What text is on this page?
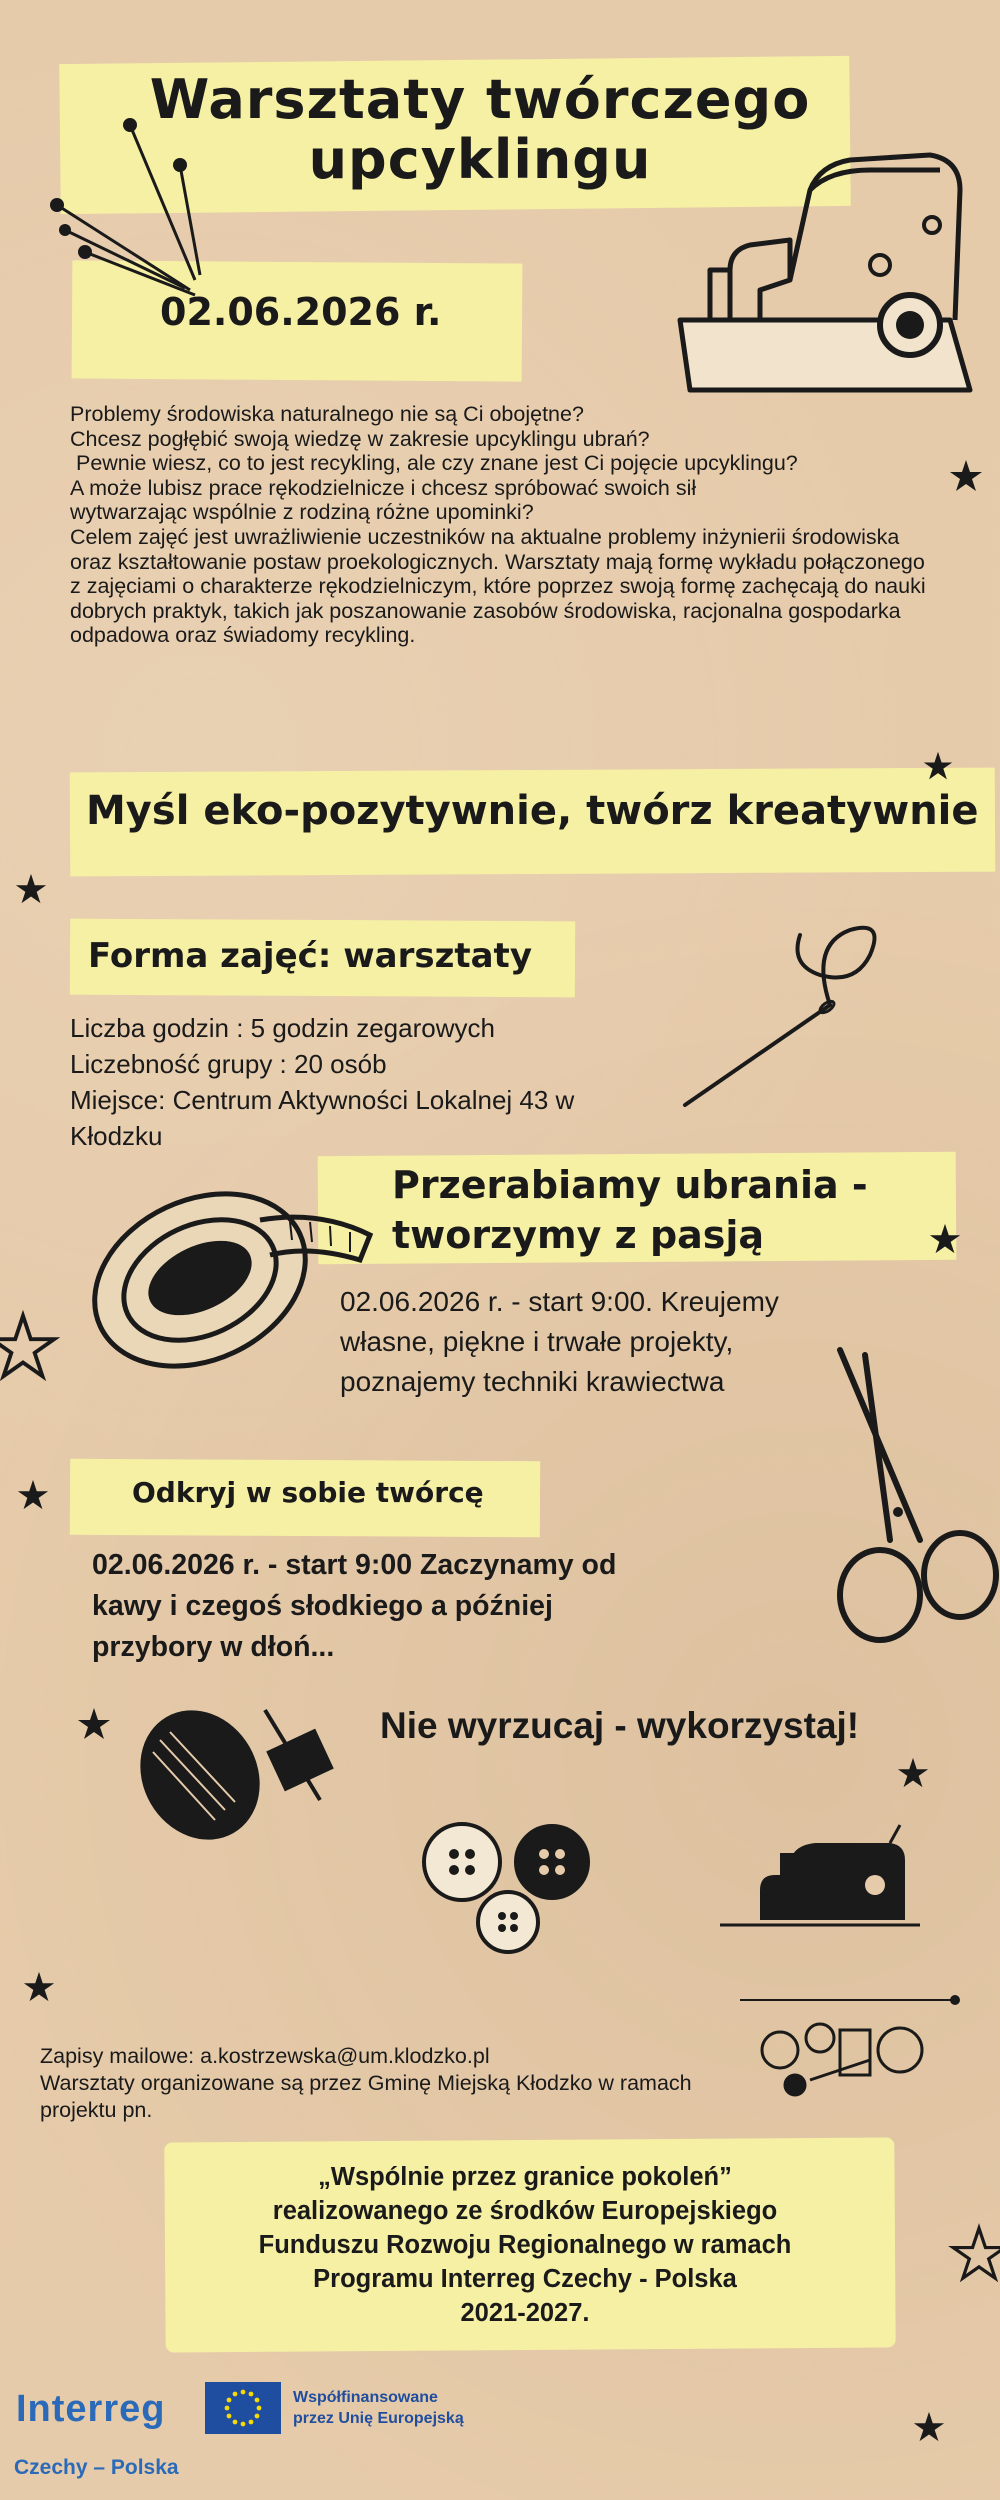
Warsztaty twórczego
upcyklingu
02.06.2026 r.

Problemy środowiska naturalnego nie są Ci obojętne?

Chcesz pogłębić swoją wiedzę w zakresie upcyklingu ubrań?

Pewnie wiesz, co to jest recykling, ale czy znane jest Ci pojęcie upcyklingu?

A może lubisz prace rękodzielnicze i chcesz spróbować swoich sił wytwarzając wspólnie z rodziną różne upominki?

Celem zajęć jest uwrażliwienie uczestników na aktualne problemy inżynierii środowiska oraz kształtowanie postaw proekologicznych. Warsztaty mają formę wykładu połączonego z zajęciami o charakterze rękodzielniczym, które poprzez swoją formę zachęcają do nauki dobrych praktyk, takich jak poszanowanie zasobów środowiska, racjonalna gospodarka odpadowa oraz świadomy recykling.

Myśl eko-pozytywnie, twórz kreatywnie
Forma zajęć: warsztaty
Liczba godzin : 5 godzin zegarowych
Liczebność grupy : 20 osób
Miejsce: Centrum Aktywności Lokalnej 43 w Kłodzku
Przerabiamy ubrania -
tworzymy z pasją
02.06.2026 r. - start 9:00. Kreujemy
własne, piękne i trwałe projekty,
poznajemy techniki krawiectwa
Odkryj w sobie twórcę
02.06.2026 r. - start 9:00 Zaczynamy od
kawy i czegoś słodkiego a później
przybory w dłoń...
Nie wyrzucaj - wykorzystaj!
Zapisy mailowe: a.kostrzewska@um.klodzko.pl
Warsztaty organizowane są przez Gminę Miejską Kłodzko w ramach
projektu pn.
„Wspólnie przez granice pokoleń”
realizowanego ze środków Europejskiego
Funduszu Rozwoju Regionalnego w ramach
Programu Interreg Czechy - Polska
2021-2027.
Interreg
Czechy – Polska
Współfinansowane
przez Unię Europejską
